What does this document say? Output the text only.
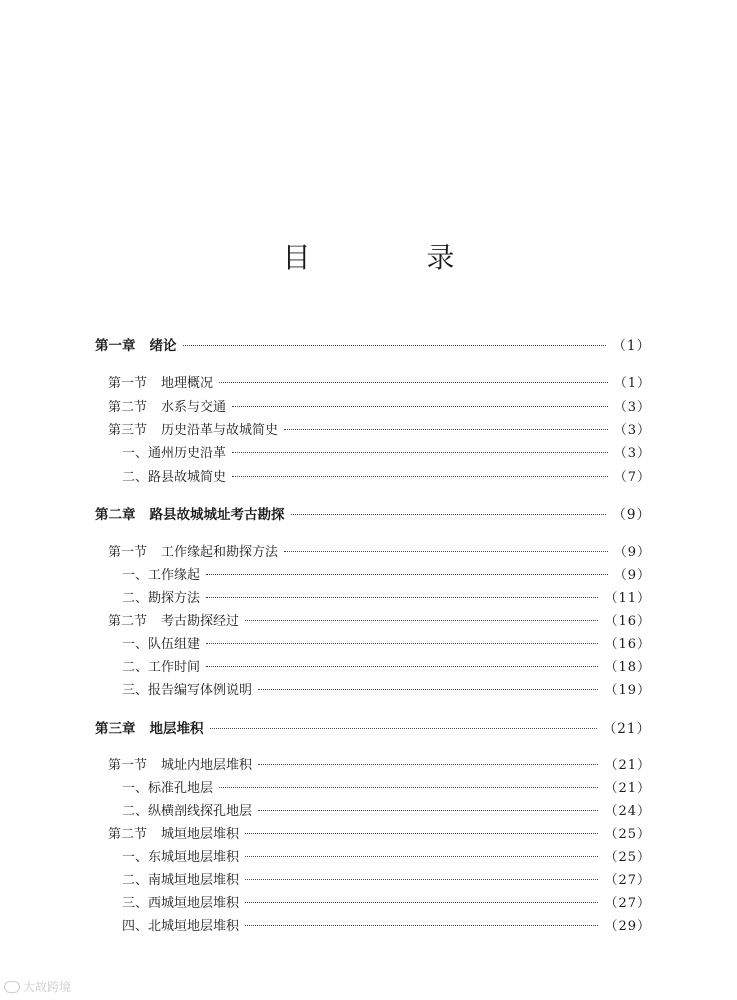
目　录
第一章 绪论	（1）
第一节 地理概况	（1）
第二节 水系与交通	（3）
第三节 历史沿革与故城简史	（3）
一、通州历史沿革	（3）
二、路县故城简史	（7）
第二章 路县故城城址考古勘探	（9）
第一节 工作缘起和勘探方法	（9）
一、工作缘起	（9）
二、勘探方法	（11）
第二节 考古勘探经过	（16）
一、队伍组建	（16）
二、工作时间	（18）
三、报告编写体例说明	（19）
第三章 地层堆积	（21）
第一节 城址内地层堆积	（21）
一、标准孔地层	（21）
二、纵横剖线探孔地层	（24）
第二节 城垣地层堆积	（25）
一、东城垣地层堆积	（25）
二、南城垣地层堆积	（27）
三、西城垣地层堆积	（27）
四、北城垣地层堆积	（29）
大故跨境
